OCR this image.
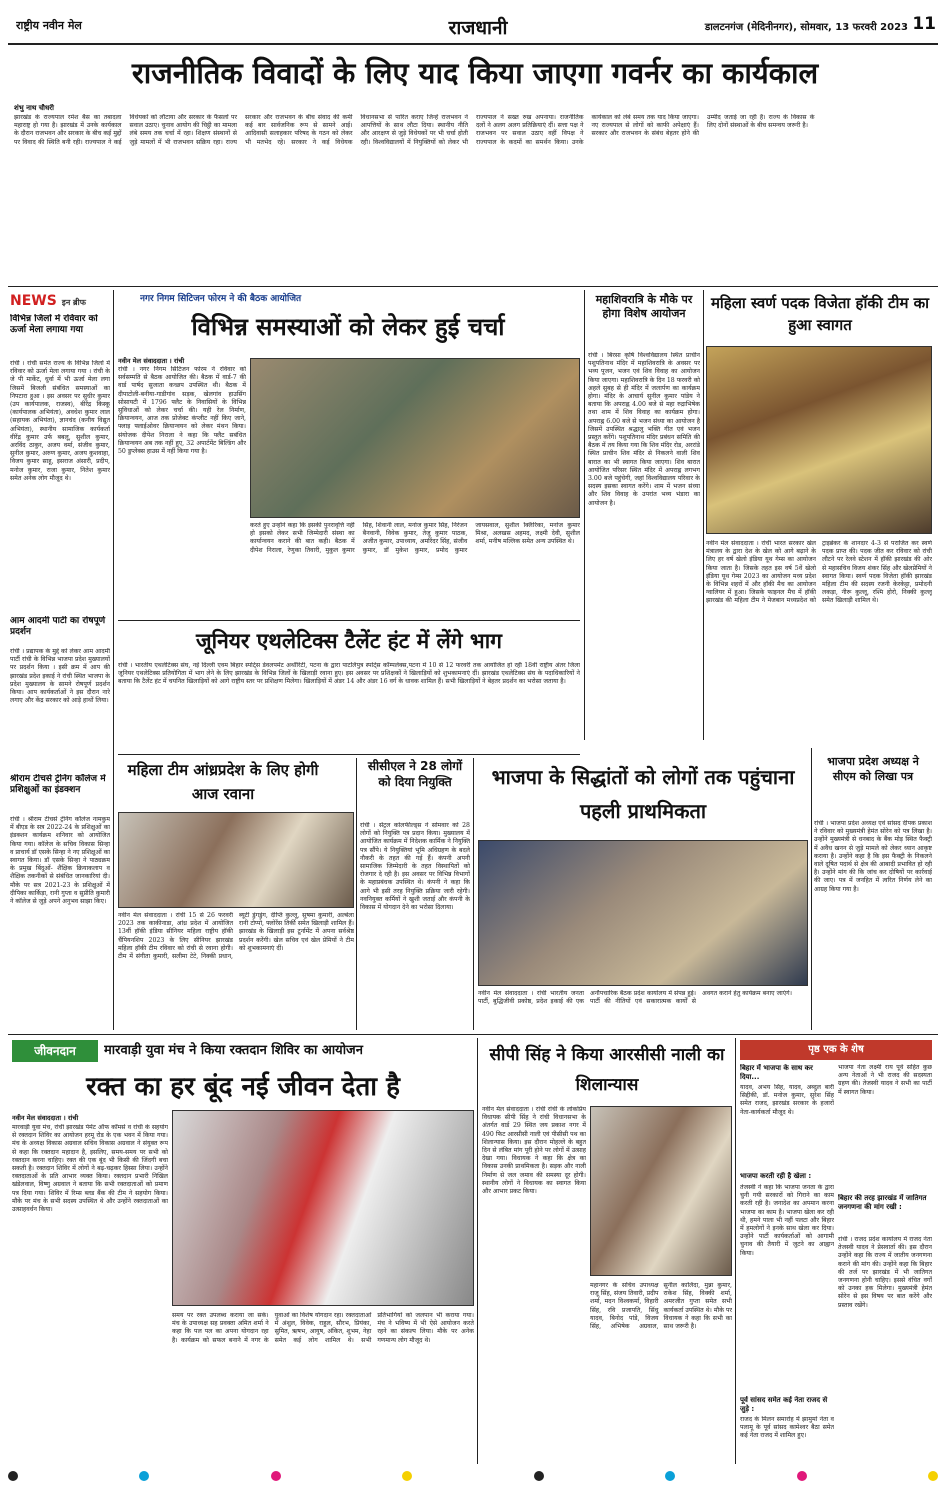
राष्ट्रीय नवीन मेल	राजधानी	डालटनगंज (मेदिनीनगर), सोमवार, 13 फरवरी 2023 11
राजनीतिक विवादों के लिए याद किया जाएगा गवर्नर का कार्यकाल
शंभु नाथ चौधरी
झारखंड के राज्यपाल रमेश बैस का तबादला महाराष्ट्र हो गया है। झारखंड में उनके कार्यकाल के दौरान राजभवन और सरकार के बीच कई मुद्दों पर विवाद की स्थिति बनी रही। राज्यपाल ने कई विधेयकों को लौटाया और सरकार के फैसलों पर सवाल उठाए। चुनाव आयोग की चिट्ठी का मामला लंबे समय तक चर्चा में रहा। शिक्षण संस्थानों से जुड़े मामलों में भी राजभवन सक्रिय रहा। राज्य सरकार और राजभवन के बीच संवाद की कमी कई बार सार्वजनिक रूप से सामने आई। आदिवासी सलाहकार परिषद के गठन को लेकर भी मतभेद रहे। सरकार ने कई विधेयक विधानसभा से पारित कराए जिन्हें राजभवन ने आपत्तियों के साथ लौटा दिया। स्थानीय नीति और आरक्षण से जुड़े विधेयकों पर भी चर्चा होती रही। विश्वविद्यालयों में नियुक्तियों को लेकर भी राज्यपाल ने सख्त रुख अपनाया। राजनीतिक दलों ने अलग अलग प्रतिक्रियाएं दीं। सत्ता पक्ष ने राजभवन पर सवाल उठाए वहीं विपक्ष ने राज्यपाल के कदमों का समर्थन किया। उनके कार्यकाल को लंबे समय तक याद किया जाएगा। नए राज्यपाल से लोगों को काफी अपेक्षाएं हैं। सरकार और राजभवन के संबंध बेहतर होने की उम्मीद जताई जा रही है। राज्य के विकास के लिए दोनों संस्थाओं के बीच समन्वय जरूरी है।
NEWS इन ब्रीफ
विभिन्न जिलों में रविवार को ऊर्जा मेला लगाया गया
रांची । रांची समेत राज्य के विभिन्न जिलों में रविवार को ऊर्जा मेला लगाया गया । रांची के जे पी मार्केट, धुर्वा में भी ऊर्जा मेला लगा जिसमें बिजली संबंधित समस्याओं का निपटारा हुआ । इस अवसर पर सुधीर कुमार (उप कार्यपालक, राजस्व), बीरेंद्र किस्कू (कार्यपालक अभियंता), अवधेश कुमार लाल (सहायक अभियंता), ज्ञानचंद (कनीय विद्युत अभियंता), स्थानीय सामाजिक कार्यकर्ता वीरेंद्र कुमार उर्फ बबलू, सुशील कुमार, अरविंद ठाकुर, अजय वर्मा, संजीव कुमार, सुनील कुमार, अरुण कुमार, अजय कुशवाहा, विजय कुमार साहू, इसराज अंसारी, प्रदीप, मनोज कुमार, राजा कुमार, नितेश कुमार समेत अनेक लोग मौजूद थे।
आम आदमी पार्टी का रोषपूर्ण प्रदर्शन
रांची । प्रद्यापक के मुद्दे को लेकर आम आदमी पार्टी रांची के विभिन्न भाजपा प्रदेश मुख्यालयों पर प्रदर्शन किया । इसी क्रम में आप की झारखंड प्रदेश इकाई ने रांची स्थित भाजपा के प्रदेश मुख्यालय के सामने रोषपूर्ण प्रदर्शन किया। आप कार्यकर्ताओं ने इस दौरान नारे लगाए और केंद्र सरकार को आड़े हाथों लिया।
श्रीराम टीचर्स ट्रेनिंग कॉलेज में प्रशिक्षुओं का इंडक्शन
रांची । श्रीराम टीचर्स ट्रेनिंग कॉलेज नामकुम में बीएड के सत्र 2022-24 के प्रशिक्षुओं का इंडक्शन कार्यक्रम शनिवार को आयोजित किया गया। कॉलेज के सचिव विकास सिन्हा व प्राचार्य डॉ एसके सिन्हा ने नए प्रशिक्षुओं का स्वागत किया। डॉ एसके सिन्हा ने पाठ्यक्रम के प्रमुख बिंदुओं- शैक्षिक क्रियाकलाप व शैक्षिक तकनीकों से संबंधित जानकारियां दी। मौके पर सत्र 2021-23 के प्रशिक्षुओं में दीपिका कार्किड़ा, रानी गुप्ता व सुप्रीति कुमारी ने कॉलेज से जुड़े अपने अनुभव साझा किए।
नगर निगम सिटिजन फोरम ने की बैठक आयोजित
विभिन्न समस्याओं को लेकर हुई चर्चा
नवीन मेल संवाददाता । रांची
रांची । नगर निगम सिटिजन फोरम ने रविवार को सर्वसम्मति से बैठक आयोजित की। बैठक में वार्ड-7 की वार्ड पार्षद सुजाता कच्छप उपस्थित थी। बैठक में दीपाटोली-बनीया-गाडीगांव सड़क, खेलगांव हाउसिंग सोसायटी में 1796 फ्लैट के निवासियों के विभिन्न सुविधाओं को लेकर चर्चा की। यही रेल निर्माण, क्रियान्वयन, आज तक प्रोजेक्ट कंप्लीट नहीं किए जाने, फ्लाइ फ्लाईओवर क्रियान्वयन को लेकर मंथन किया। संयोजक दीपेश निराला ने कहा कि फ्लैट सबंधित क्रियान्वयन अब तक नहीं हुए, 32 अपार्टमेंट बिल्डिंग और 50 डुप्लेक्स हाउस में नहीं किया गया है।
करते हुए उन्होंने कहा कि इसकी पुनरावृत्ति नहीं हो इसको लेकर सभी जिम्मेदारी संस्था का कार्यान्वयन कराने की बात कही। बैठक में दीपेश निराला, रेणुका तिवारी, मुकुल कुमार सिंह, शिवानी लाल, मनोज कुमार सिंह, निरंजन बैनवानी, विवेक कुमार, तेजु कुमार पाठक, अजीत कुमार, उपाध्याय, अमरिंदर सिंह, संजीव कुमार, डॉ मुकेश कुमार, प्रमोद कुमार जायसवाल, सुशील क्लिरिका, मनोज कुमार मिश्रा, अलखस अहमद, लक्ष्मी देवी, सुशील शर्मा, मनीष मल्लिक समेत अन्य उपस्थित थे।
जूनियर एथलेटिक्स टैलेंट हंट में लेंगे भाग
रांची । भारतीय एथलेटिक्स संघ, नई दिल्ली एवम बिहार स्पोर्ट्स डेवलपमेंट अथॉरिटी, पटना के द्वारा पाटलिपुत्र स्पोर्ट्स कॉम्पलेक्स,पटना में 10 से 12 फरवरी तक आयोजित हो रही 18वीं राष्ट्रीय अंतर जिला जूनियर एथलेटिक्स प्रतियोगिता में भाग लेने के लिए झारखंड के विभिन्न जिलों के खिलाड़ी रवाना हुए। इस अवसर पर प्रशिक्षकों ने खिलाड़ियों को शुभकामनाएं दीं। झारखंड एथलेटिक्स संघ के पदाधिकारियों ने बताया कि टैलेंट हंट में चयनित खिलाड़ियों को आगे राष्ट्रीय स्तर पर प्रशिक्षण मिलेगा। खिलाड़ियों में अंडर 14 और अंडर 16 वर्ग के धावक शामिल हैं। सभी खिलाड़ियों ने बेहतर प्रदर्शन का भरोसा जताया है।
महाशिवरात्रि के मौके पर होगा विशेष आयोजन
रांची । बिरसा कृषि विश्वविद्यालय स्थित प्राचीन पशुपतिनाथ मंदिर में महाशिवरात्रि के अवसर पर भव्य पूजन, भजन एवं शिव विवाह का आयोजन किया जाएगा। महाशिवरात्रि के दिन 18 फरवरी को अहले सुबह से ही मंदिर में जलार्पण का कार्यक्रम होगा। मंदिर के आचार्य सुनील कुमार पांडेय ने बताया कि अपराह्न 4.00 बजे से महा रुद्राभिषेक तथा शाम में शिव विवाह का कार्यक्रम होगा। अपराह्न 6.00 बजे से भजन संध्या का आयोजन है जिसमें उपस्थित श्रद्धालु भक्ति गीत एवं भजन प्रस्तुत करेंगे। पशुपतिनाथ मंदिर प्रबंधन समिति की बैठक में तय किया गया कि शिव मंदिर रोड, अररांडे स्थित प्राचीन शिव मंदिर से निकलने वाली शिव बारात का भी स्वागत किया जाएगा। शिव बारात आयोजित परिसर स्थित मंदिर में अपराह्न लगभग 3.00 बजे पहुंचेगी, जहां विश्वविद्यालय परिवार के सदस्य इसका स्वागत करेंगे। शाम में भजन संध्या और शिव विवाह के उपरांत भव्य भंडारा का आयोजन है।
महिला स्वर्ण पदक विजेता हॉकी टीम का हुआ स्वागत
नवीन मेल संवाददाता । रांची भारत सरकार खेल मंत्रालय के द्वारा देश के खेल को आगे बढ़ाने के लिए हर वर्ष खेलो इंडिया यूथ गेम्स का आयोजन किया जाता है। जिसके तहत इस वर्ष 5वें खेलो इंडिया यूथ गेम्स 2023 का आयोजन मध्य प्रदेश के विभिन्न शहरों में और हॉकी मैच का आयोजन ग्वालियर में हुआ। जिसके फाइनल मैच में हॉकी झारखंड की महिला टीम ने मेजबान मध्यप्रदेश को ट्राइब्रेकर के शानदार 4-3 से पराजित कर स्वर्ण पदक प्राप्त की। पदक जीत कर रविवार को रांची लौटने पर रेलवे स्टेशन में हॉकी झारखंड की ओर से महासचिव विजय शंकर सिंह और खेलप्रेमियों ने स्वागत किया। स्वर्ण पदक विजेता हॉकी झारखंड महिला टीम की सदस्य रजनी केरकेट्टा, प्रमोदनी लकड़ा, नीरू कुल्लू, रश्मि होरो, निक्की कुल्लू समेत खिलाड़ी शामिल थे।
महिला टीम आंध्रप्रदेश के लिए होगी आज रवाना
नवीन मेल संवाददाता । रांची 15 से 26 फरवरी 2023 तक काकीनाडा, आंध्र प्रदेश में आयोजित 13वीं हॉकी इंडिया सीनियर महिला राष्ट्रीय हॉकी चैंपियनशिप 2023 के लिए सीनियर झारखंड महिला हॉकी टीम रविवार को रांची से रवाना होगी। टीम में संगीता कुमारी, सलीमा टेटे, निक्की प्रधान, ब्यूटी डुंगडुंग, दीप्ति कुल्लू, सुषमा कुमारी, अल्बेला रानी टोप्पो, फ्लोरेंस तिर्की समेत खिलाड़ी शामिल हैं। झारखंड के खिलाड़ी इस टूर्नामेंट में अपना सर्वश्रेष्ठ प्रदर्शन करेंगी। खेल सचिव एवं खेल प्रेमियों ने टीम को शुभकामनाएं दीं।
सीसीएल ने 28 लोगों को दिया नियुक्ति
रांची । सेंट्रल कोलफील्ड्स ने सोमवार को 28 लोगों को नियुक्ति पत्र प्रदान किया। मुख्यालय में आयोजित कार्यक्रम में निदेशक कार्मिक ने नियुक्ति पत्र सौंपे। ये नियुक्तियां भूमि अधिग्रहण के बदले नौकरी के तहत की गई हैं। कंपनी अपनी सामाजिक जिम्मेदारी के तहत विस्थापितों को रोजगार दे रही है। इस अवसर पर विभिन्न विभागों के महाप्रबंधक उपस्थित थे। कंपनी ने कहा कि आगे भी इसी तरह नियुक्ति प्रक्रिया जारी रहेगी। नवनियुक्त कर्मियों ने खुशी जताई और कंपनी के विकास में योगदान देने का भरोसा दिलाया।
भाजपा के सिद्धांतों को लोगों तक पहुंचाना पहली प्राथमिकता
नवीन मेल संवाददाता । रांची भारतीय जनता पार्टी, बुद्धिजीवी प्रकोष्ठ, प्रदेश इकाई की एक अनौपचारिक बैठक प्रदेश कार्यालय में संपन्न हुई। पार्टी की नीतियों एवं सकारात्मक कार्यों से अवगत कराने हेतु कार्यक्रम बनाए जाएंगे।
भाजपा प्रदेश अध्यक्ष ने सीएम को लिखा पत्र
रांची । भाजपा प्रदेश अध्यक्ष एवं सांसद दीपक प्रकाश ने रविवार को मुख्यमंत्री हेमंत सोरेन को पत्र लिखा है। उन्होंने मुख्यमंत्री से धनबाद के बैंक मोड़ स्थित फैक्ट्री में अवैध खनन से जुड़े मामले को लेकर ध्यान आकृष्ट कराया है। उन्होंने कहा है कि इस फैक्ट्री के निकलने वाले दूषित पदार्थ से क्षेत्र की आबादी प्रभावित हो रही है। उन्होंने मांग की कि जांच कर दोषियों पर कार्रवाई की जाए। पत्र में जनहित में त्वरित निर्णय लेने का आग्रह किया गया है।
जीवनदान	मारवाड़ी युवा मंच ने किया रक्तदान शिविर का आयोजन
रक्त का हर बूंद नई जीवन देता है
नवीन मेल संवाददाता । रांची
मारवाड़ी युवा मंच, रांची झारखंड पेमेंट ऑफ कॉमर्स व रांची के सहयोग से रक्तदान शिविर का आयोजन हरमू रोड के एक भवन में किया गया। मंच के अध्यक्ष विकास अग्रवाल सचिव विकास अग्रवाल ने संयुक्त रूप से कहा कि रक्तदान महादान है, इसलिए, समय-समय पर सभी को रक्तदान करना चाहिए। रक्त की एक बूंद भी किसी की जिंदगी बचा सकती है। रक्तदान शिविर में लोगों ने बढ़-चढ़कर हिस्सा लिया। उन्होंने रक्तदाताओं के प्रति आभार व्यक्त किया। रक्तदान प्रभारी निखिल खंडेलवाल, विष्णु अग्रवाल ने बताया कि सभी रक्तदाताओं को प्रमाण पत्र दिया गया। शिविर में रिम्स ब्लड बैंक की टीम ने सहयोग किया। मौके पर मंच के सभी सदस्य उपस्थित थे और उन्होंने रक्तदाताओं का उत्साहवर्धन किया।
समय पर रक्त उपलब्ध कराया जा सके। मंच के उपाध्यक्ष सह प्रवक्ता अमित शर्मा ने कहा कि पल पल का अपना योगदान रहा है। कार्यक्रम को सफल बनाने में नगर के युवाओं का विशेष योगदान रहा। रक्तदाताओं में अंशुल, विवेक, राहुल, सौरभ, प्रियंका, सुमित, ऋषभ, आयुष, अंकित, शुभम, नेहा समेत कई लोग शामिल थे। सभी प्रतिभागियों को जलपान भी कराया गया। मंच ने भविष्य में भी ऐसे आयोजन करते रहने का संकल्प लिया। मौके पर अनेक गणमान्य लोग मौजूद थे।
सीपी सिंह ने किया आरसीसी नाली का शिलान्यास
नवीन मेल संवाददाता । रांची रांची के लोकप्रिय विधायक सीपी सिंह ने रांची विधानसभा के अंतर्गत वार्ड 29 स्थित जय प्रकाश नगर में 490 फिट आरसीसी नाली एवं पीसीसी पथ का शिलान्यास किया। इस दौरान मोहल्ले के बहुत दिन से लंबित मांग पूरी होने पर लोगों में उत्साह देखा गया। विधायक ने कहा कि क्षेत्र का विकास उनकी प्राथमिकता है। सड़क और नाली निर्माण से जल जमाव की समस्या दूर होगी। स्थानीय लोगों ने विधायक का स्वागत किया और आभार प्रकट किया।
महानगर के सचिव उपाध्यक्ष राजू सिंह, संजय तिवारी, प्रदीप शर्मा, मदन विश्वकर्मा, विहारी सिंह, रवि प्रजापति, सिंधु यादव, बिनोद पांडे, विजय सिंह, अभिषेक अग्रवाल, सुनील कालिंदा, मुन्ना कुमार, राकेश सिंह, विक्की शर्मा, अमरजीत गुप्ता समेत सभी कार्यकर्ता उपस्थित थे। मौके पर विधायक ने कहा कि सभी का साथ जरूरी है।
पृष्ठ एक के शेष
बिहार में भाजपा के साथ कर दिया...
यादव, अभय सिंह, यादव, अब्दुल बारी सिद्दीकी, डॉ. मनोज कुमार, सुरेश सिंह समेत राजद, झारखंड सरकार के हजारों नेता-कार्यकर्ता मौजूद थे।
भाजपा करती रही है खेला :
तेजस्वी ने कहा कि भाजपा जनता के द्वारा चुनी गयी सरकारों को गिराने का काम करती रही है। जनादेश का अपमान करना भाजपा का काम है। भाजपा खेला कर रही थी, हमने पाला भी नहीं पलटा और बिहार में हमलोगों ने इनके साथ खेला कर दिया। उन्होंने पार्टी कार्यकर्ताओं को आगामी चुनाव की तैयारी में जुटने का आह्वान किया।
पूर्व सांसद समेत कई नेता राजद से जुड़े :
राजद के मिलन समारोह में झामुमो नेता व पलामू के पूर्व सांसद कामेश्वर बैठा समेत कई नेता राजद में शामिल हुए।
भाजपा नेता लक्ष्मी राय पूर्व सहित कुछ अन्य नेताओं ने भी राजद की सदस्यता ग्रहण की। तेजस्वी यादव ने सभी का पार्टी में स्वागत किया।
बिहार की तरह झारखंड में जातिगत जनगणना की मांग रखी :
रांची । राजद प्रदेश कार्यालय में राजद नेता तेजस्वी यादव ने प्रेसवार्ता की। इस दौरान उन्होंने कहा कि राज्य में जातीय जनगणना कराने की मांग की। उन्होंने कहा कि बिहार की तर्ज पर झारखंड में भी जातिगत जनगणना होनी चाहिए। इससे वंचित वर्गों को उनका हक मिलेगा। मुख्यमंत्री हेमंत सोरेन से इस विषय पर बात करेंगे और प्रस्ताव रखेंगे।
